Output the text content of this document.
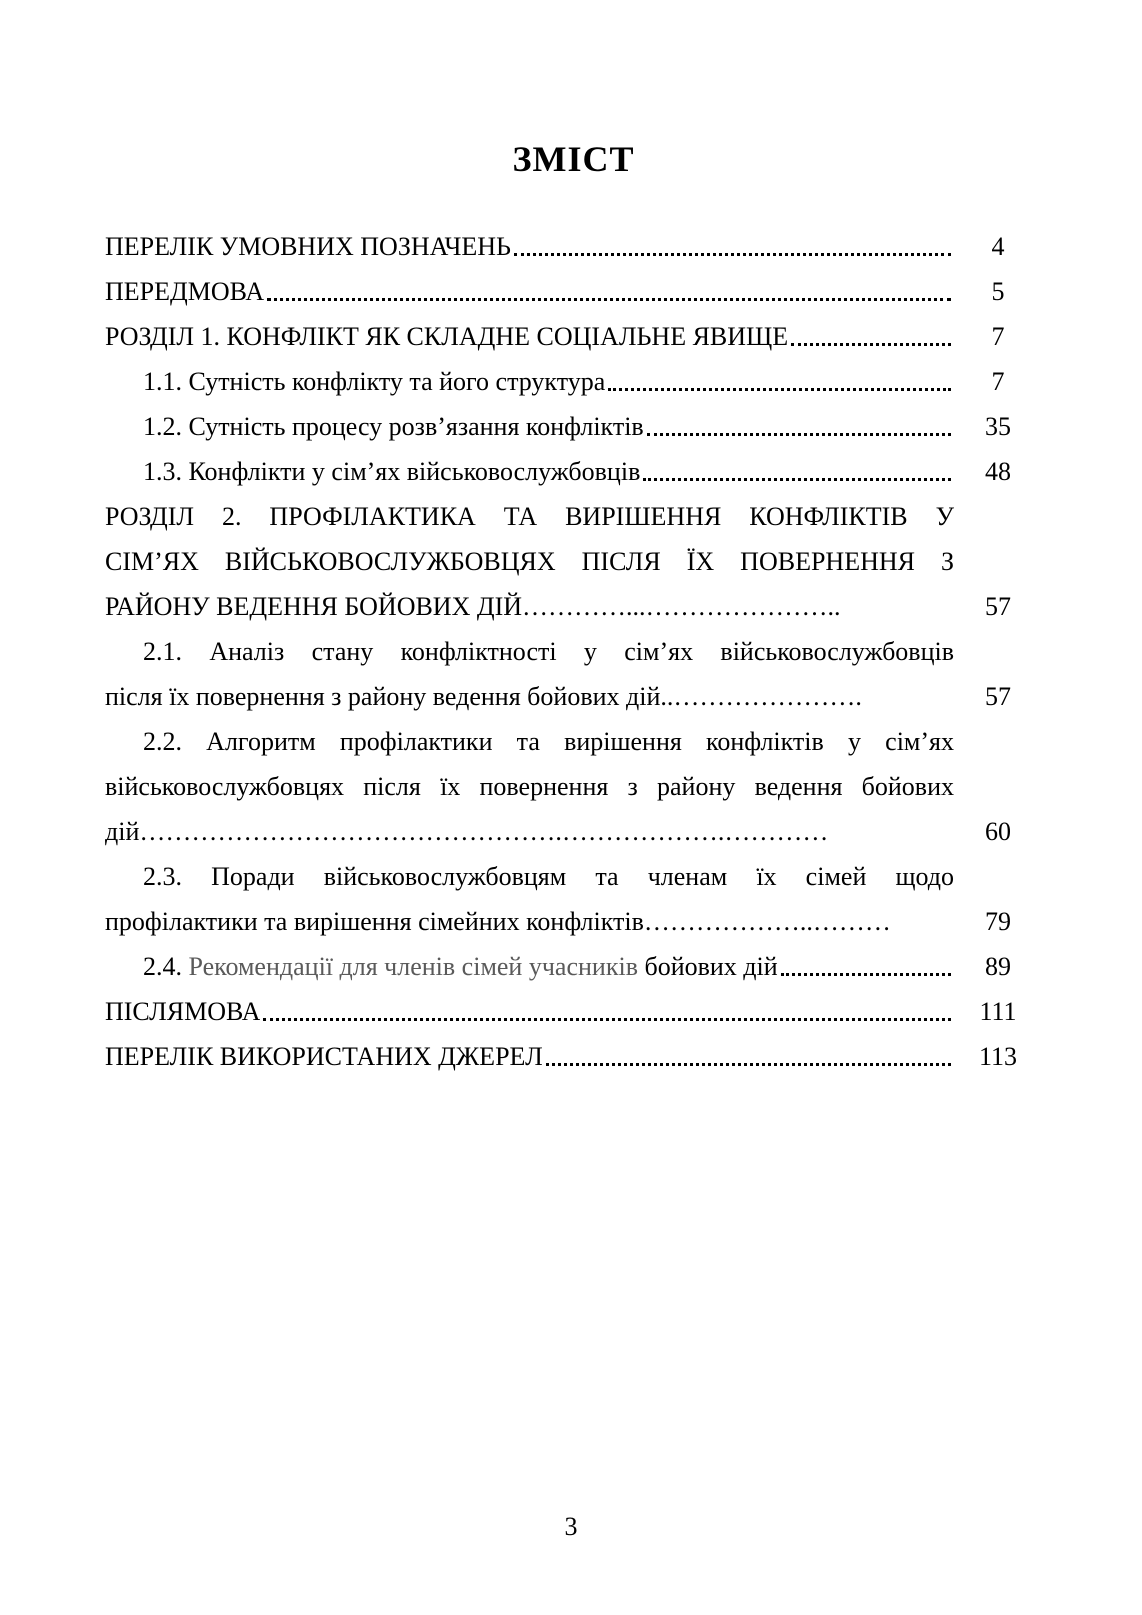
ЗМІСТ
ПЕРЕЛІК УМОВНИХ ПОЗНАЧЕНЬ	4
ПЕРЕДМОВА	5
РОЗДІЛ 1. КОНФЛІКТ ЯК СКЛАДНЕ СОЦІАЛЬНЕ ЯВИЩЕ	7
1.1. Сутність конфлікту та його структура	7
1.2. Сутність процесу розв’язання конфліктів	35
1.3. Конфлікти у сім’ях військовослужбовців	48
РОЗДІЛ 2. ПРОФІЛАКТИКА ТА ВИРІШЕННЯ КОНФЛІКТІВ У
СІМ’ЯХ ВІЙСЬКОВОСЛУЖБОВЦЯХ ПІСЛЯ ЇХ ПОВЕРНЕННЯ З
РАЙОНУ ВЕДЕННЯ БОЙОВИХ ДІЙ…………...…………………..	57
2.1. Аналіз стану конфліктності у сім’ях військовослужбовців
після їх повернення з району ведення бойових дій..………………….	57
2.2. Алгоритм профілактики та вирішення конфліктів у сім’ях
військовослужбовцях після їх повернення з району ведення бойових
дій………………………………………….……………….…………	60
2.3. Поради військовослужбовцям та членам їх сімей щодо
профілактики та вирішення сімейних конфліктів………………..………	79
2.4. Рекомендації для членів сімей учасників бойових дій	89
ПІСЛЯМОВА	111
ПЕРЕЛІК ВИКОРИСТАНИХ ДЖЕРЕЛ	113
3
